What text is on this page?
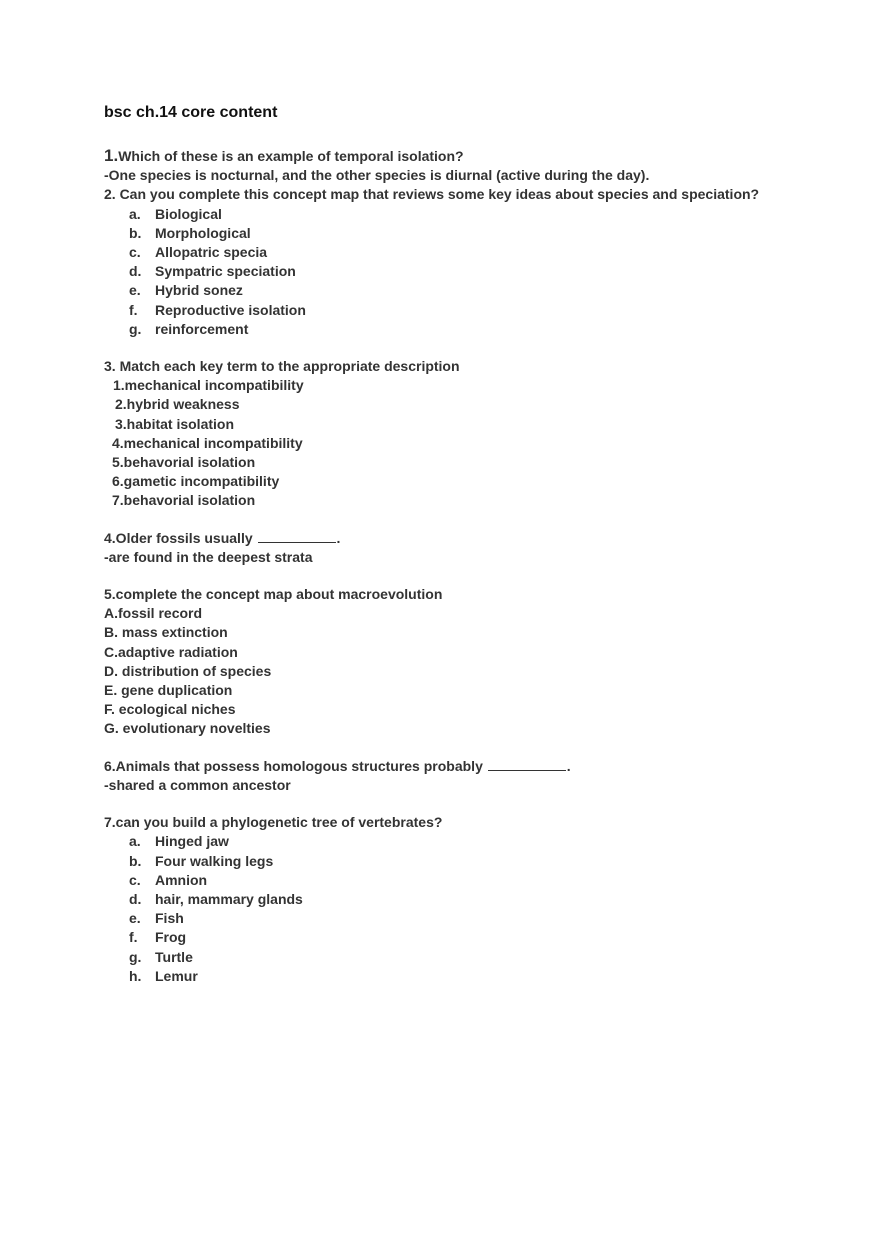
bsc ch.14 core content
1.Which of these is an example of temporal isolation?
-One species is nocturnal, and the other species is diurnal (active during the day).
2. Can you complete this concept map that reviews some key ideas about species and speciation?
a.	Biological
b. Morphological
c.	Allopatric specia
d. Sympatric speciation
e.	Hybrid sonez
f.	Reproductive isolation
g. reinforcement
3. Match each key term to the appropriate description
1.mechanical incompatibility
2.hybrid weakness
3.habitat isolation
4.mechanical incompatibility
5.behavorial isolation
6.gametic incompatibility
7.behavorial isolation
4.Older fossils usually	.
-are found in the deepest strata
5.complete the concept map about macroevolution
A.fossil record
B. mass extinction
C.adaptive radiation
D. distribution of species
E. gene duplication
F. ecological niches
G. evolutionary novelties
6.Animals that possess homologous structures probably	.
-shared a common ancestor
7.can you build a phylogenetic tree of vertebrates?
a.	Hinged jaw
b. Four walking legs
c.	Amnion
d. hair, mammary glands
e.	Fish
f.	Frog
g. Turtle
h. Lemur
